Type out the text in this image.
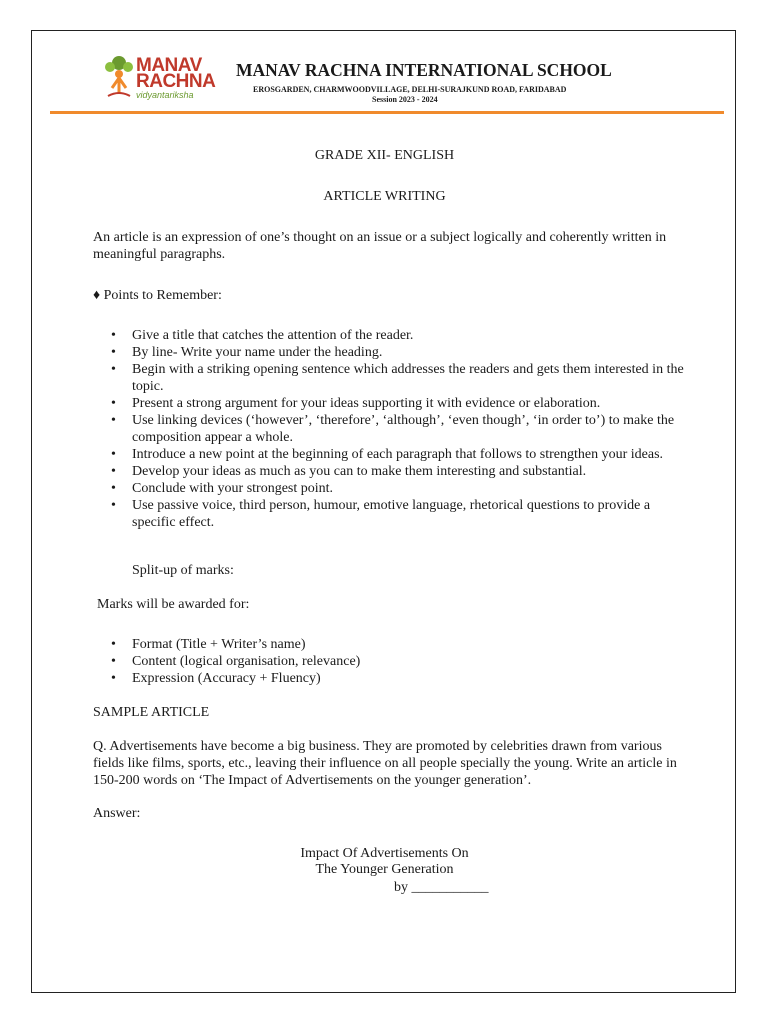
MANAV
RACHNA
vidyantariksha
MANAV RACHNA INTERNATIONAL SCHOOL
EROSGARDEN, CHARMWOODVILLAGE, DELHI-SURAJKUND ROAD, FARIDABAD
Session 2023 - 2024
GRADE XII- ENGLISH
ARTICLE WRITING
An article is an expression of one’s thought on an issue or a subject logically and coherently written in meaningful paragraphs.
♦ Points to Remember:
• Give a title that catches the attention of the reader.
• By line- Write your name under the heading.
• Begin with a striking opening sentence which addresses the readers and gets them interested in the topic.
• Present a strong argument for your ideas supporting it with evidence or elaboration.
• Use linking devices (‘however’, ‘therefore’, ‘although’, ‘even though’, ‘in order to’) to make the composition appear a whole.
• Introduce a new point at the beginning of each paragraph that follows to strengthen your ideas.
• Develop your ideas as much as you can to make them interesting and substantial.
• Conclude with your strongest point.
• Use passive voice, third person, humour, emotive language, rhetorical questions to provide a specific effect.
Split-up of marks:
Marks will be awarded for:
• Format (Title + Writer’s name)
• Content (logical organisation, relevance)
• Expression (Accuracy + Fluency)
SAMPLE ARTICLE
Q. Advertisements have become a big business. They are promoted by celebrities drawn from various fields like films, sports, etc., leaving their influence on all people specially the young. Write an article in 150-200 words on ‘The Impact of Advertisements on the younger generation’.
Answer:
Impact Of Advertisements On
The Younger Generation
by ___________
